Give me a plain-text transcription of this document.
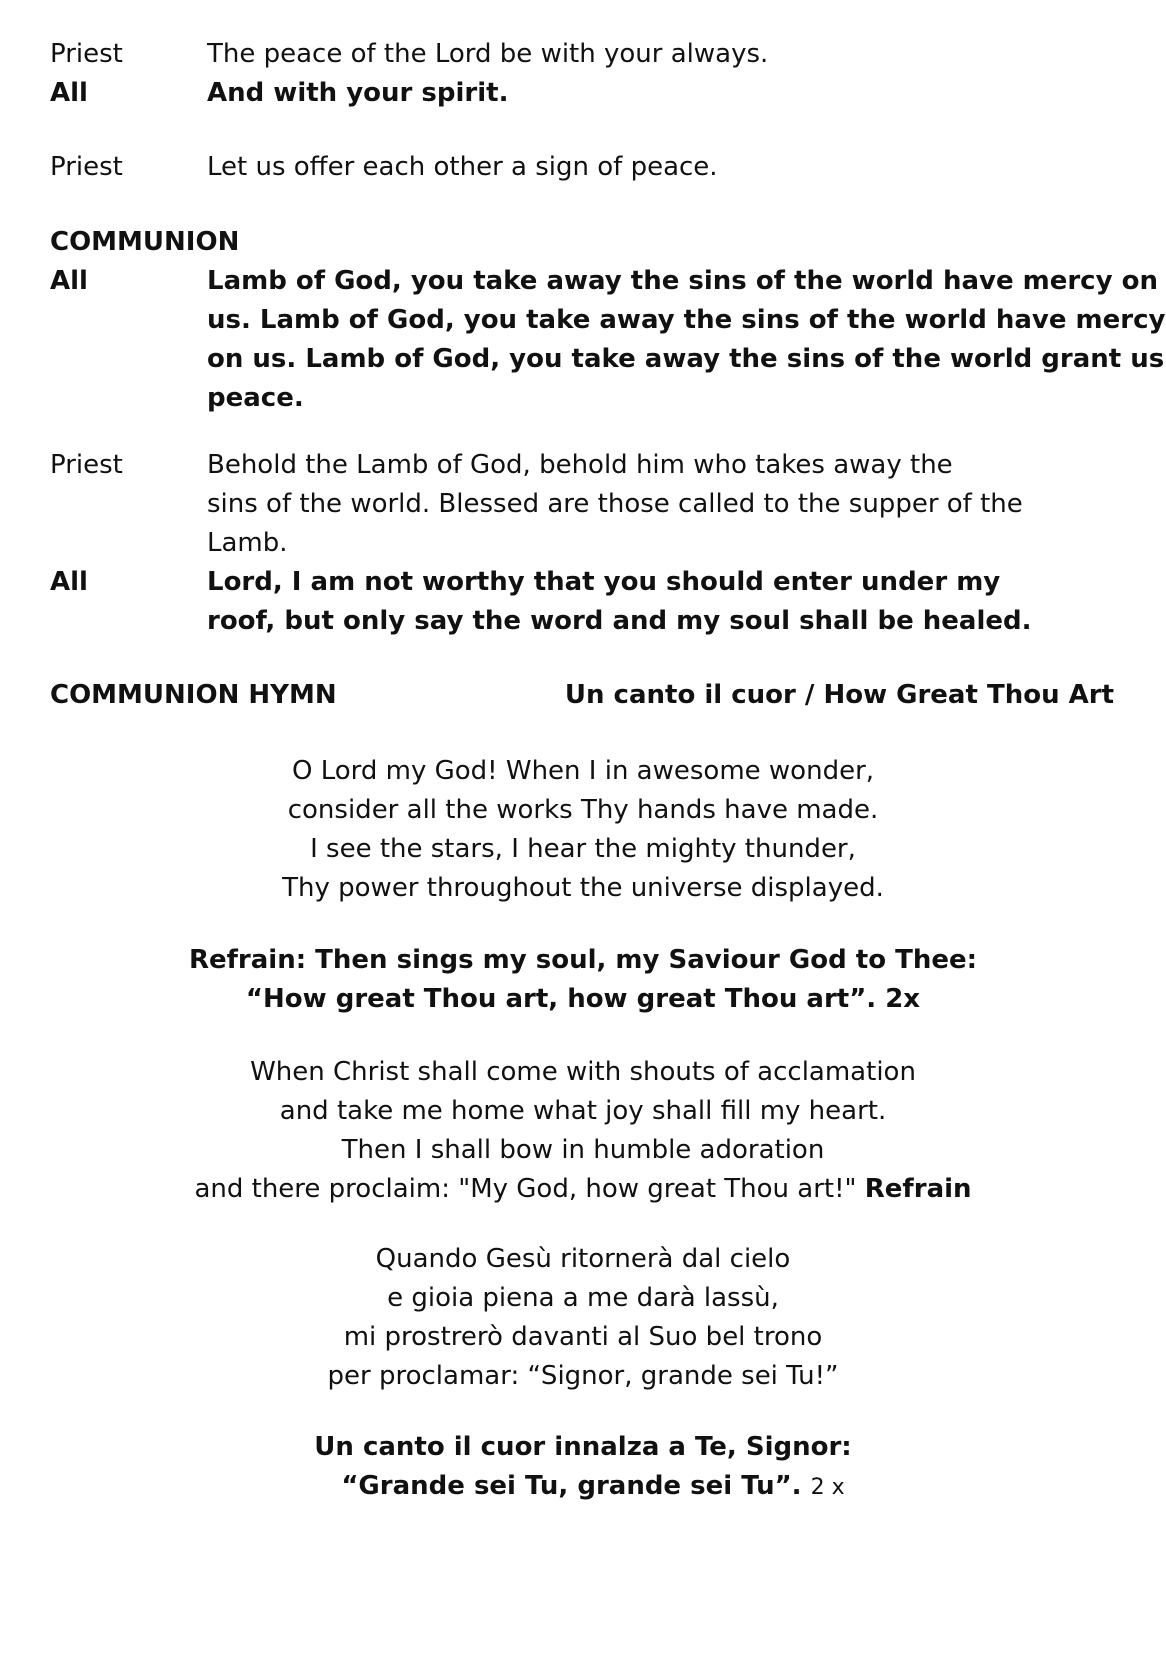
Priest	The peace of the Lord be with your always.
All	And with your spirit.
Priest	Let us offer each other a sign of peace.
COMMUNION
All	Lamb of God, you take away the sins of the world have mercy on
us. Lamb of God, you take away the sins of the world have mercy
on us. Lamb of God, you take away the sins of the world grant us
peace.
Priest	Behold the Lamb of God, behold him who takes away the
sins of the world. Blessed are those called to the supper of the
Lamb.
All	Lord, I am not worthy that you should enter under my
roof, but only say the word and my soul shall be healed.
COMMUNION HYMN	Un canto il cuor / How Great Thou Art
O Lord my God! When I in awesome wonder,
consider all the works Thy hands have made.
I see the stars, I hear the mighty thunder,
Thy power throughout the universe displayed.
Refrain: Then sings my soul, my Saviour God to Thee:
“How great Thou art, how great Thou art”. 2x
When Christ shall come with shouts of acclamation
and take me home what joy shall fill my heart.
Then I shall bow in humble adoration
and there proclaim: "My God, how great Thou art!" Refrain
Quando Gesù ritornerà dal cielo
e gioia piena a me darà lassù,
mi prostrerò davanti al Suo bel trono
per proclamar: “Signor, grande sei Tu!”
Un canto il cuor innalza a Te, Signor:
“Grande sei Tu, grande sei Tu”. 2 x
